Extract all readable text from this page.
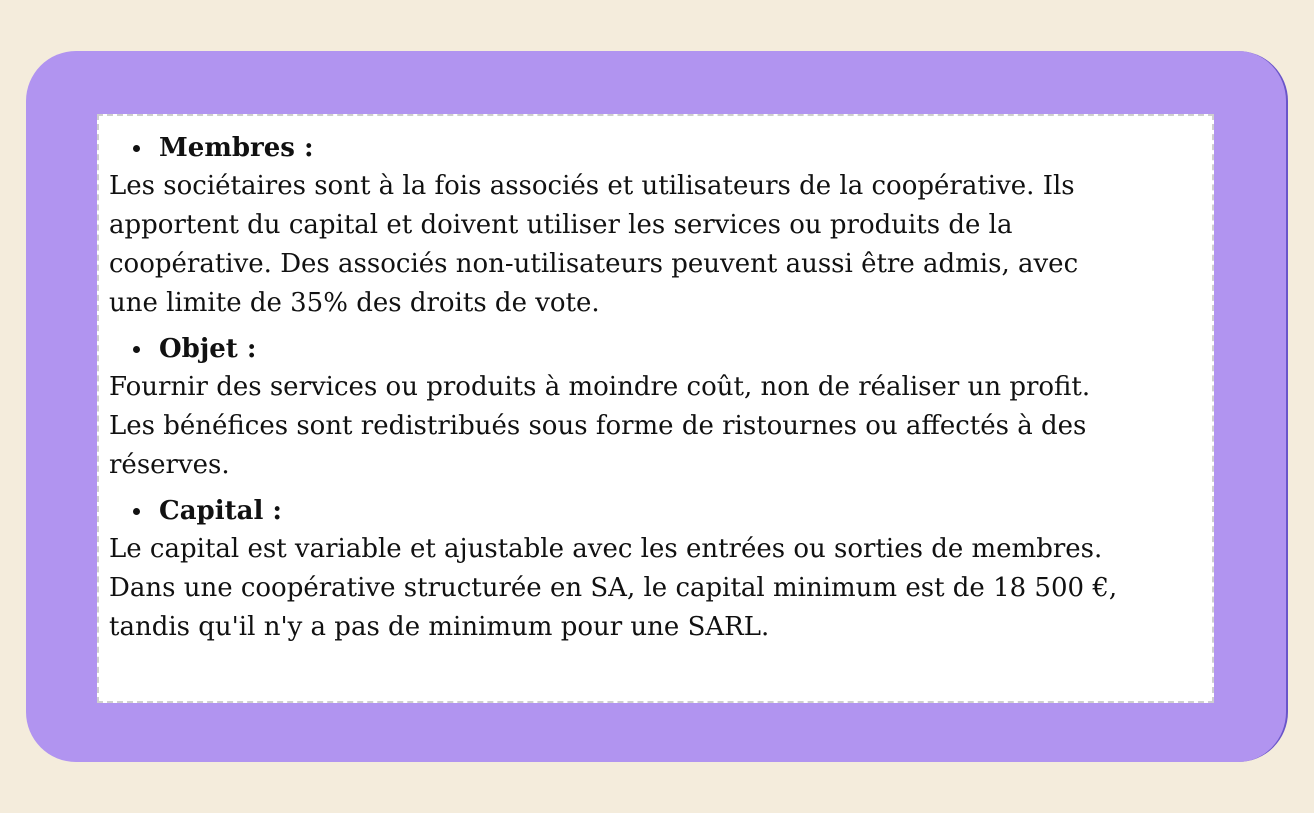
Membres :

Les sociétaires sont à la fois associés et utilisateurs de la coopérative. Ils
apportent du capital et doivent utiliser les services ou produits de la
coopérative. Des associés non-utilisateurs peuvent aussi être admis, avec
une limite de 35% des droits de vote.

Objet :

Fournir des services ou produits à moindre coût, non de réaliser un profit.
Les bénéfices sont redistribués sous forme de ristournes ou affectés à des
réserves.

Capital :

Le capital est variable et ajustable avec les entrées ou sorties de membres.
Dans une coopérative structurée en SA, le capital minimum est de 18 500 €,
tandis qu'il n'y a pas de minimum pour une SARL.
